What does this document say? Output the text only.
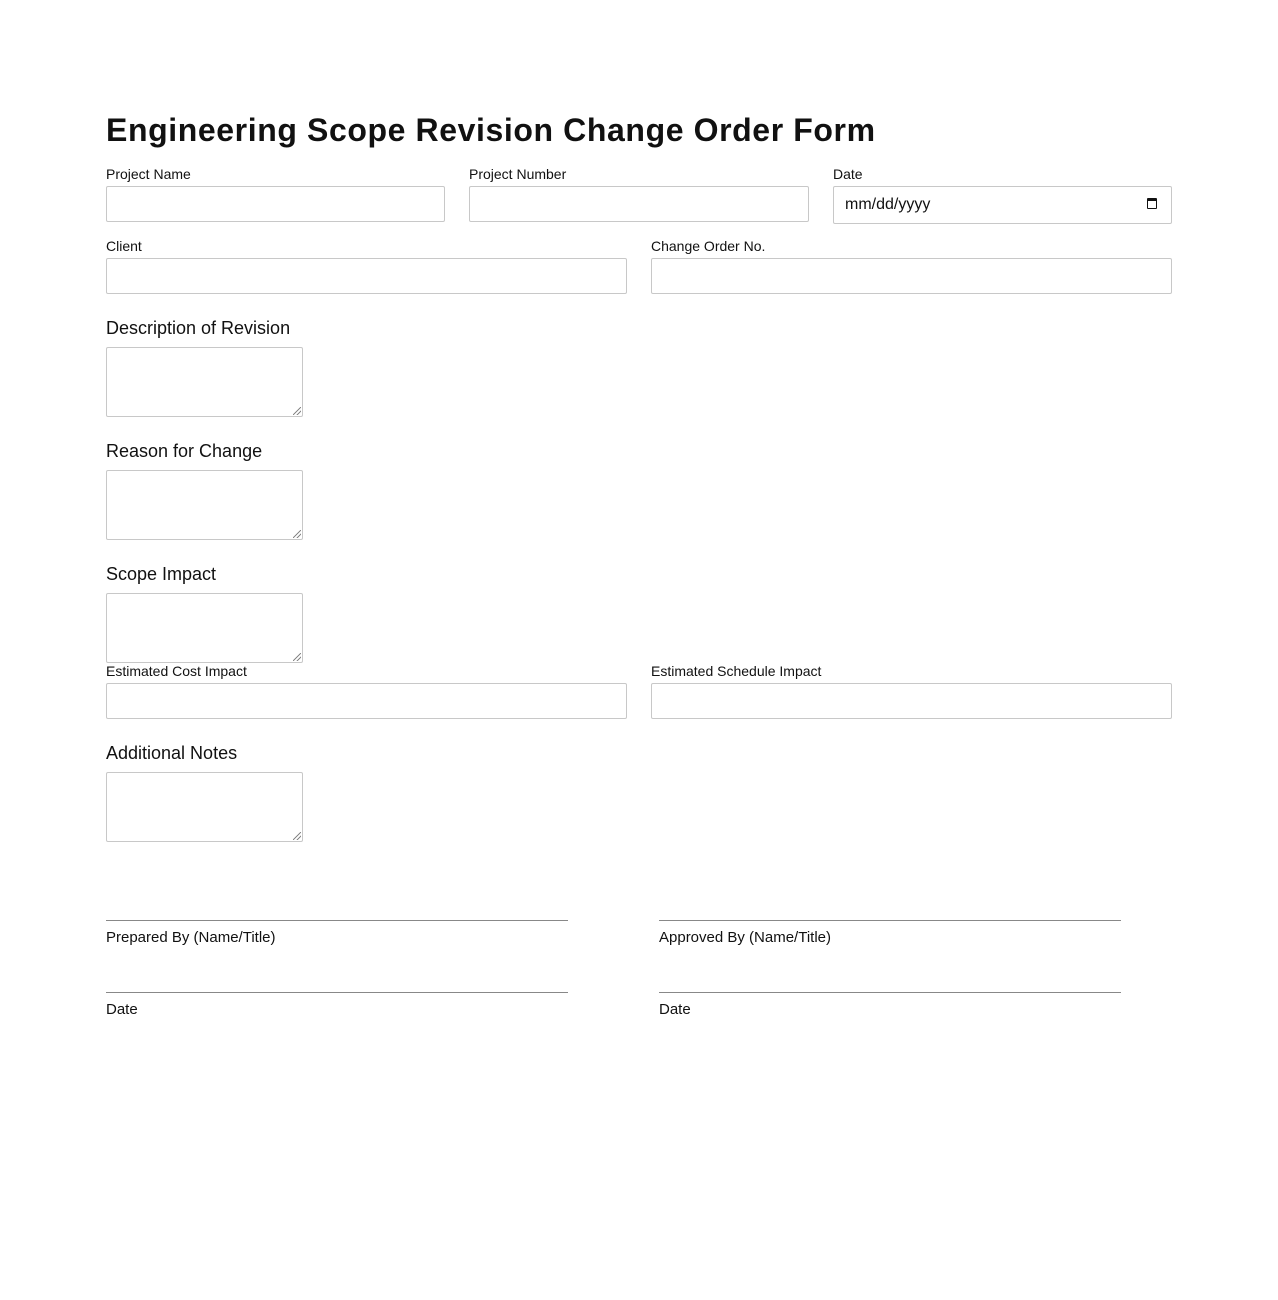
Engineering Scope Revision Change Order Form
Project Name	Project Number	Date
mm/dd/yyyy
Client	Change Order No.
Description of Revision
Reason for Change
Scope Impact
Estimated Cost Impact	Estimated Schedule Impact
Additional Notes
Prepared By (Name/Title)	Approved By (Name/Title)
Date	Date
